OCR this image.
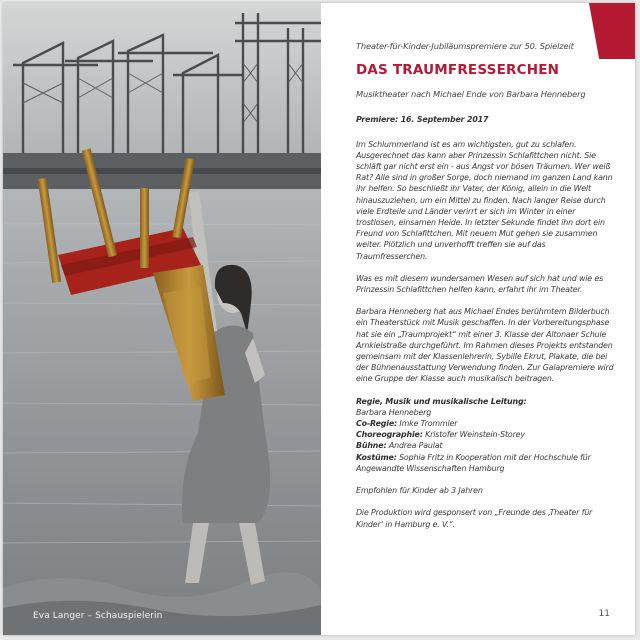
Eva Langer – Schauspielerin

Theater-für-Kinder-Jubiläumspremiere zur 50. Spielzeit

DAS TRAUMFRESSERCHEN

Musiktheater nach Michael Ende von Barbara Henneberg

Premiere: 16. September 2017

Im Schlummerland ist es am wichtigsten, gut zu schlafen. Ausgerechnet das kann aber Prinzessin Schlafittchen nicht. Sie schläft gar nicht erst ein - aus Angst vor bösen Träumen. Wer weiß Rat? Alle sind in großer Sorge, doch niemand im ganzen Land kann ihr helfen. So beschließt ihr Vater, der König, allein in die Welt hinauszuziehen, um ein Mittel zu finden. Nach langer Reise durch viele Erdteile und Länder verirrt er sich im Winter in einer trostlosen, einsamen Heide. In letzter Sekunde findet ihn dort ein Freund von Schlafittchen. Mit neuem Mut gehen sie zusammen weiter. Plötzlich und unverhofft treffen sie auf das Traumfresserchen.

Was es mit diesem wundersamen Wesen auf sich hat und wie es Prinzessin Schlafittchen helfen kann, erfahrt ihr im Theater.

Barbara Henneberg hat aus Michael Endes berühmtem Bilderbuch ein Theaterstück mit Musik geschaffen. In der Vorbereitungsphase hat sie ein „Traumprojekt“ mit einer 3. Klasse der Altonaer Schule Arnkielstraße durchgeführt. Im Rahmen dieses Projekts entstanden gemeinsam mit der Klassenlehrerin, Sybille Ekrut, Plakate, die bei der Bühnenausstattung Verwendung finden. Zur Galapremiere wird eine Gruppe der Klasse auch musikalisch beitragen.

Regie, Musik und musikalische Leitung:
Barbara Henneberg
Co-Regie: Imke Trommler
Choreographie: Kristofer Weinstein-Storey
Bühne: Andrea Paulat
Kostüme: Sophia Fritz in Kooperation mit der Hochschule für Angewandte Wissenschaften Hamburg

Empfohlen für Kinder ab 3 Jahren

Die Produktion wird gesponsert von „Freunde des ‚Theater für Kinder‘ in Hamburg e. V.“.

11
